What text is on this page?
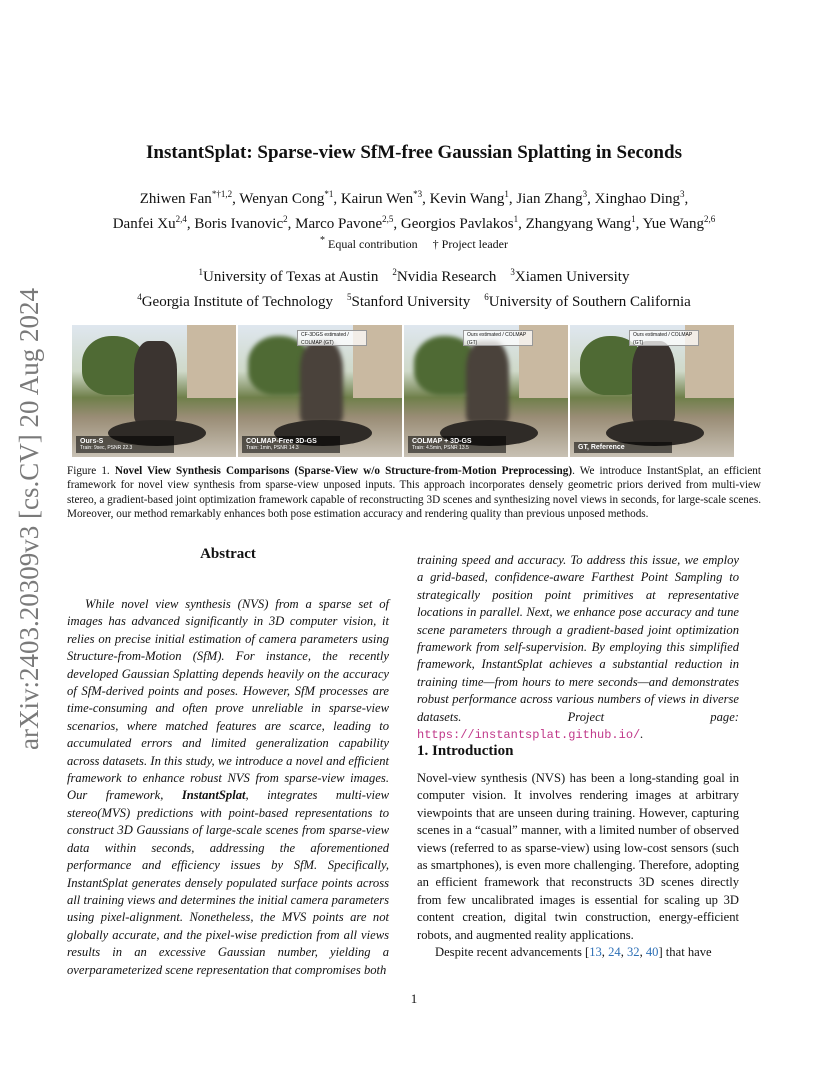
arXiv:2403.20309v3 [cs.CV] 20 Aug 2024
InstantSplat: Sparse-view SfM-free Gaussian Splatting in Seconds
Zhiwen Fan$^{*\dagger 1,2}$, Wenyan Cong$^{*1}$, Kairun Wen$^{*3}$, Kevin Wang$^1$, Jian Zhang$^3$, Xinghao Ding$^3$,
Danfei Xu$^{2,4}$, Boris Ivanovic$^2$, Marco Pavone$^{2,5}$, Georgios Pavlakos$^1$, Zhangyang Wang$^1$, Yue Wang$^{2,6}$
* Equal contribution † Project leader
$^1$University of Texas at Austin $^2$Nvidia Research $^3$Xiamen University
$^4$Georgia Institute of Technology $^5$Stanford University $^6$University of Southern California
Ours-S
Train: 9sec, PSNR 22.3
CF-3DGS estimated / COLMAP (GT)
COLMAP-Free 3D-GS
Train: 1min, PSNR 14.3
Ours estimated / COLMAP (GT)
COLMAP + 3D-GS
Train: 4.5min, PSNR 13.5
Ours estimated / COLMAP (GT)
GT, Reference
Figure 1. Novel View Synthesis Comparisons (Sparse-View w/o Structure-from-Motion Preprocessing). We introduce InstantSplat, an efficient framework for novel view synthesis from sparse-view unposed inputs. This approach incorporates densely geometric priors derived from multi-view stereo, a gradient-based joint optimization framework capable of reconstructing 3D scenes and synthesizing novel views in seconds, for large-scale scenes. Moreover, our method remarkably enhances both pose estimation accuracy and rendering quality than previous unposed methods.
Abstract
While novel view synthesis (NVS) from a sparse set of images has advanced significantly in 3D computer vision, it relies on precise initial estimation of camera parameters using Structure-from-Motion (SfM). For instance, the recently developed Gaussian Splatting depends heavily on the accuracy of SfM-derived points and poses. However, SfM processes are time-consuming and often prove unreliable in sparse-view scenarios, where matched features are scarce, leading to accumulated errors and limited generalization capability across datasets. In this study, we introduce a novel and efficient framework to enhance robust NVS from sparse-view images. Our framework, InstantSplat, integrates multi-view stereo(MVS) predictions with point-based representations to construct 3D Gaussians of large-scale scenes from sparse-view data within seconds, addressing the aforementioned performance and efficiency issues by SfM. Specifically, InstantSplat generates densely populated surface points across all training views and determines the initial camera parameters using pixel-alignment. Nonetheless, the MVS points are not globally accurate, and the pixel-wise prediction from all views results in an excessive Gaussian number, yielding a overparameterized scene representation that compromises both
training speed and accuracy. To address this issue, we employ a grid-based, confidence-aware Farthest Point Sampling to strategically position point primitives at representative locations in parallel. Next, we enhance pose accuracy and tune scene parameters through a gradient-based joint optimization framework from self-supervision. By employing this simplified framework, InstantSplat achieves a substantial reduction in training time—from hours to mere seconds—and demonstrates robust performance across various numbers of views in diverse datasets. Project page: https://instantsplat.github.io/.
1. Introduction
Novel-view synthesis (NVS) has been a long-standing goal in computer vision. It involves rendering images at arbitrary viewpoints that are unseen during training. However, capturing scenes in a “casual” manner, with a limited number of observed views (referred to as sparse-view) using low-cost sensors (such as smartphones), is even more challenging. Therefore, adopting an efficient framework that reconstructs 3D scenes directly from few uncalibrated images is essential for scaling up 3D content creation, digital twin construction, energy-efficient robots, and augmented reality applications.
Despite recent advancements [13, 24, 32, 40] that have
1
